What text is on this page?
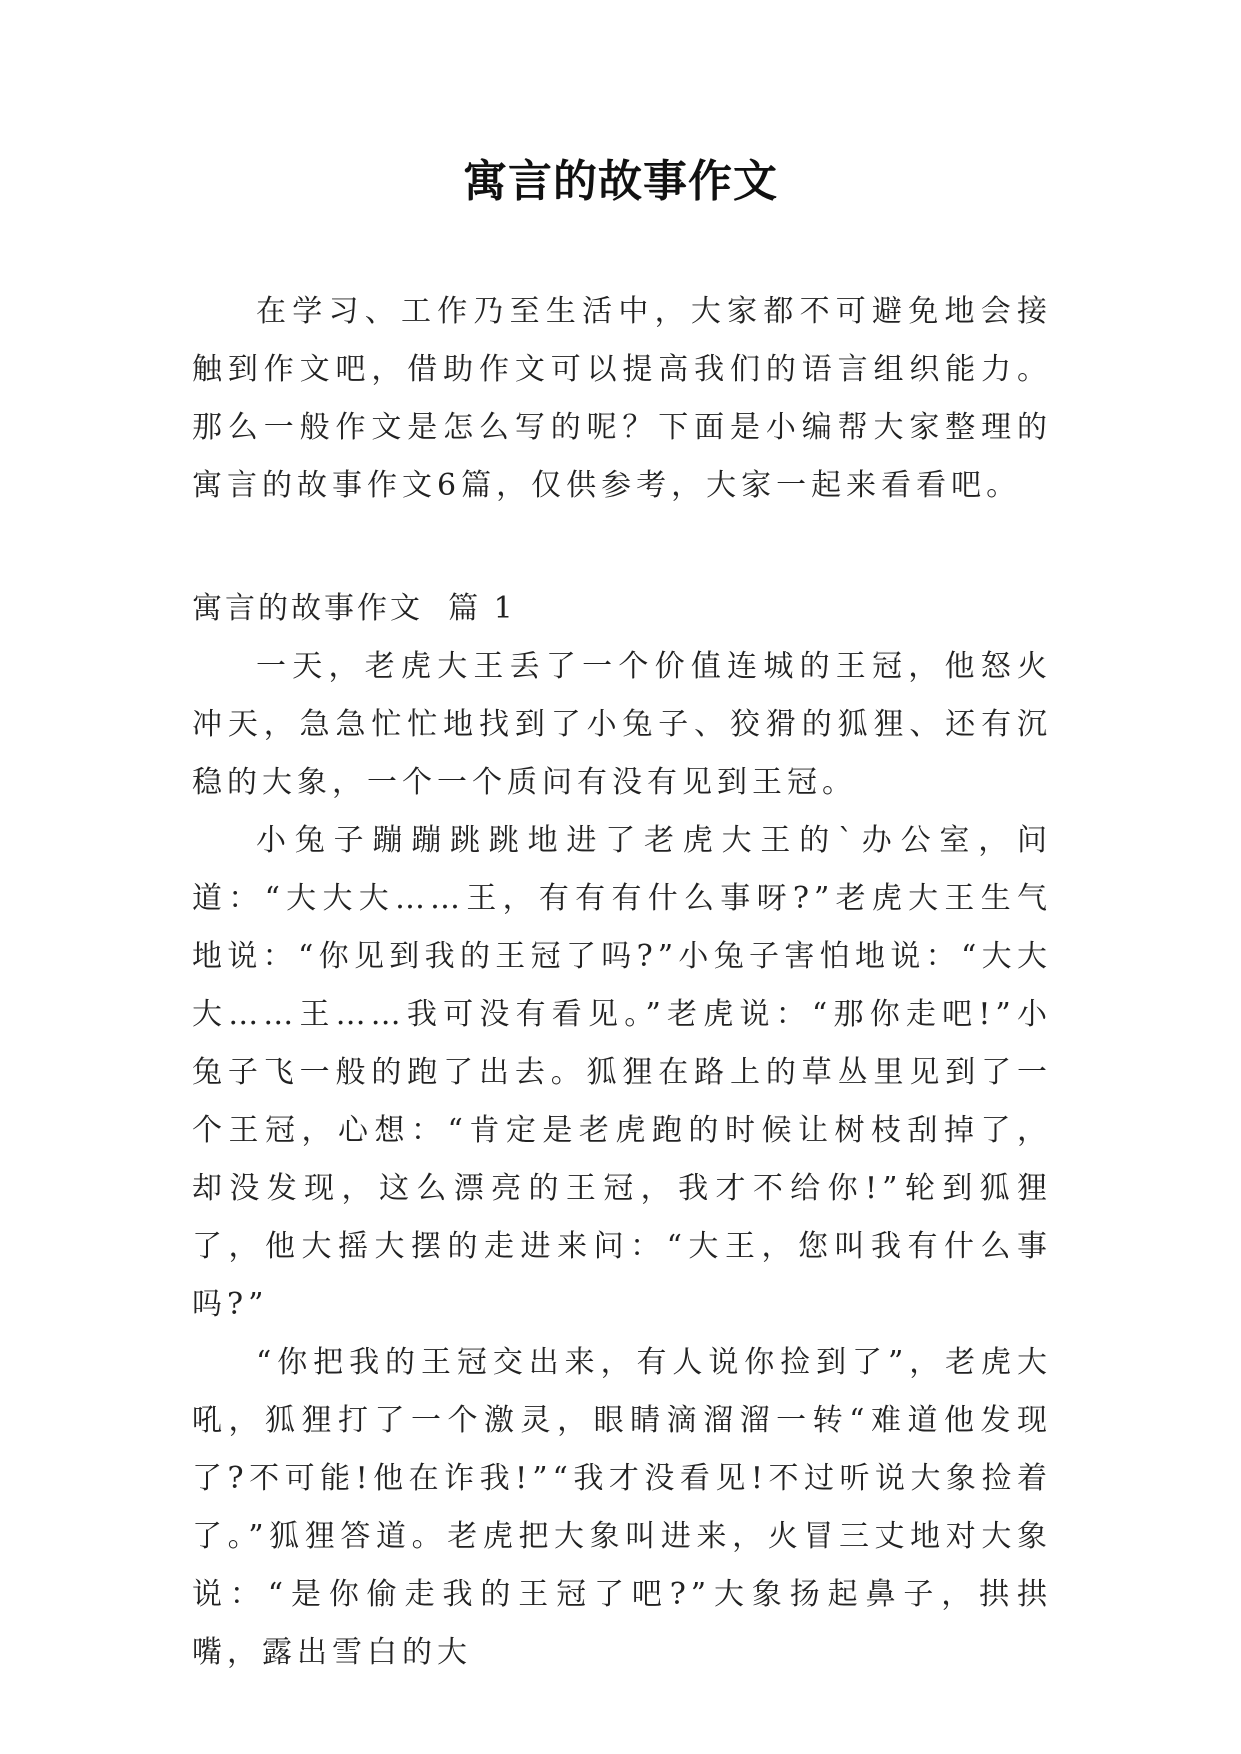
寓言的故事作文

在学习、工作乃至生活中，大家都不可避免地会接触到作文吧，借助作文可以提高我们的语言组织能力。那么一般作文是怎么写的呢？下面是小编帮大家整理的寓言的故事作文6篇，仅供参考，大家一起来看看吧。

寓言的故事作文  篇 1

一天，老虎大王丢了一个价值连城的王冠，他怒火冲天，急急忙忙地找到了小兔子、狡猾的狐狸、还有沉稳的大象，一个一个质问有没有见到王冠。

小兔子蹦蹦跳跳地进了老虎大王的`办公室，问道：“大大大……王，有有有什么事呀?”老虎大王生气地说：“你见到我的王冠了吗?”小兔子害怕地说：“大大大……王……我可没有看见。”老虎说：“那你走吧!”小兔子飞一般的跑了出去。狐狸在路上的草丛里见到了一个王冠，心想：“肯定是老虎跑的时候让树枝刮掉了，却没发现，这么漂亮的王冠，我才不给你!”轮到狐狸了，他大摇大摆的走进来问：“大王，您叫我有什么事吗?”

“你把我的王冠交出来，有人说你捡到了”，老虎大吼，狐狸打了一个激灵，眼睛滴溜溜一转“难道他发现了?不可能!他在诈我!”“我才没看见!不过听说大象捡着了。”狐狸答道。老虎把大象叫进来，火冒三丈地对大象说：“是你偷走我的王冠了吧?”大象扬起鼻子，拱拱嘴，露出雪白的大
